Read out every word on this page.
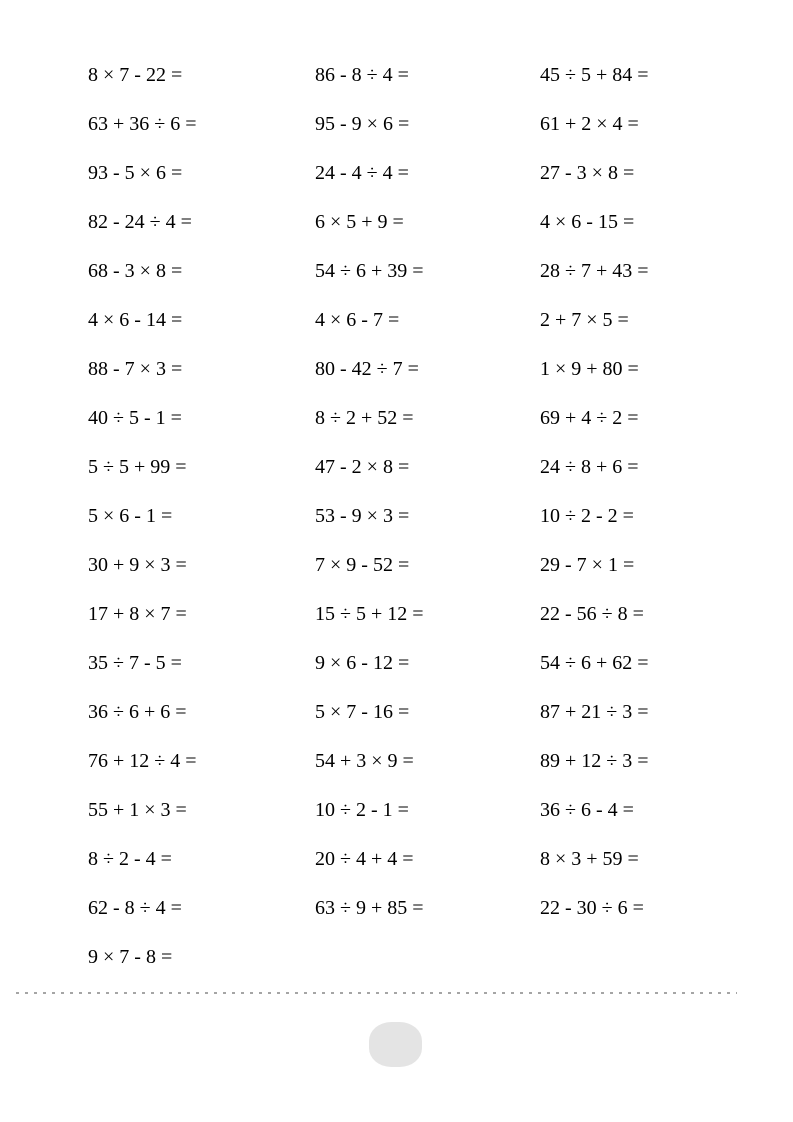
8 × 7 - 22 =	86 - 8 ÷ 4 =	45 ÷ 5 + 84 =
63 + 36 ÷ 6 =	95 - 9 × 6 =	61 + 2 × 4 =
93 - 5 × 6 =	24 - 4 ÷ 4 =	27 - 3 × 8 =
82 - 24 ÷ 4 =	6 × 5 + 9 =	4 × 6 - 15 =
68 - 3 × 8 =	54 ÷ 6 + 39 =	28 ÷ 7 + 43 =
4 × 6 - 14 =	4 × 6 - 7 =	2 + 7 × 5 =
88 - 7 × 3 =	80 - 42 ÷ 7 =	1 × 9 + 80 =
40 ÷ 5 - 1 =	8 ÷ 2 + 52 =	69 + 4 ÷ 2 =
5 ÷ 5 + 99 =	47 - 2 × 8 =	24 ÷ 8 + 6 =
5 × 6 - 1 =	53 - 9 × 3 =	10 ÷ 2 - 2 =
30 + 9 × 3 =	7 × 9 - 52 =	29 - 7 × 1 =
17 + 8 × 7 =	15 ÷ 5 + 12 =	22 - 56 ÷ 8 =
35 ÷ 7 - 5 =	9 × 6 - 12 =	54 ÷ 6 + 62 =
36 ÷ 6 + 6 =	5 × 7 - 16 =	87 + 21 ÷ 3 =
76 + 12 ÷ 4 =	54 + 3 × 9 =	89 + 12 ÷ 3 =
55 + 1 × 3 =	10 ÷ 2 - 1 =	36 ÷ 6 - 4 =
8 ÷ 2 - 4 =	20 ÷ 4 + 4 =	8 × 3 + 59 =
62 - 8 ÷ 4 =	63 ÷ 9 + 85 =	22 - 30 ÷ 6 =
9 × 7 - 8 =
